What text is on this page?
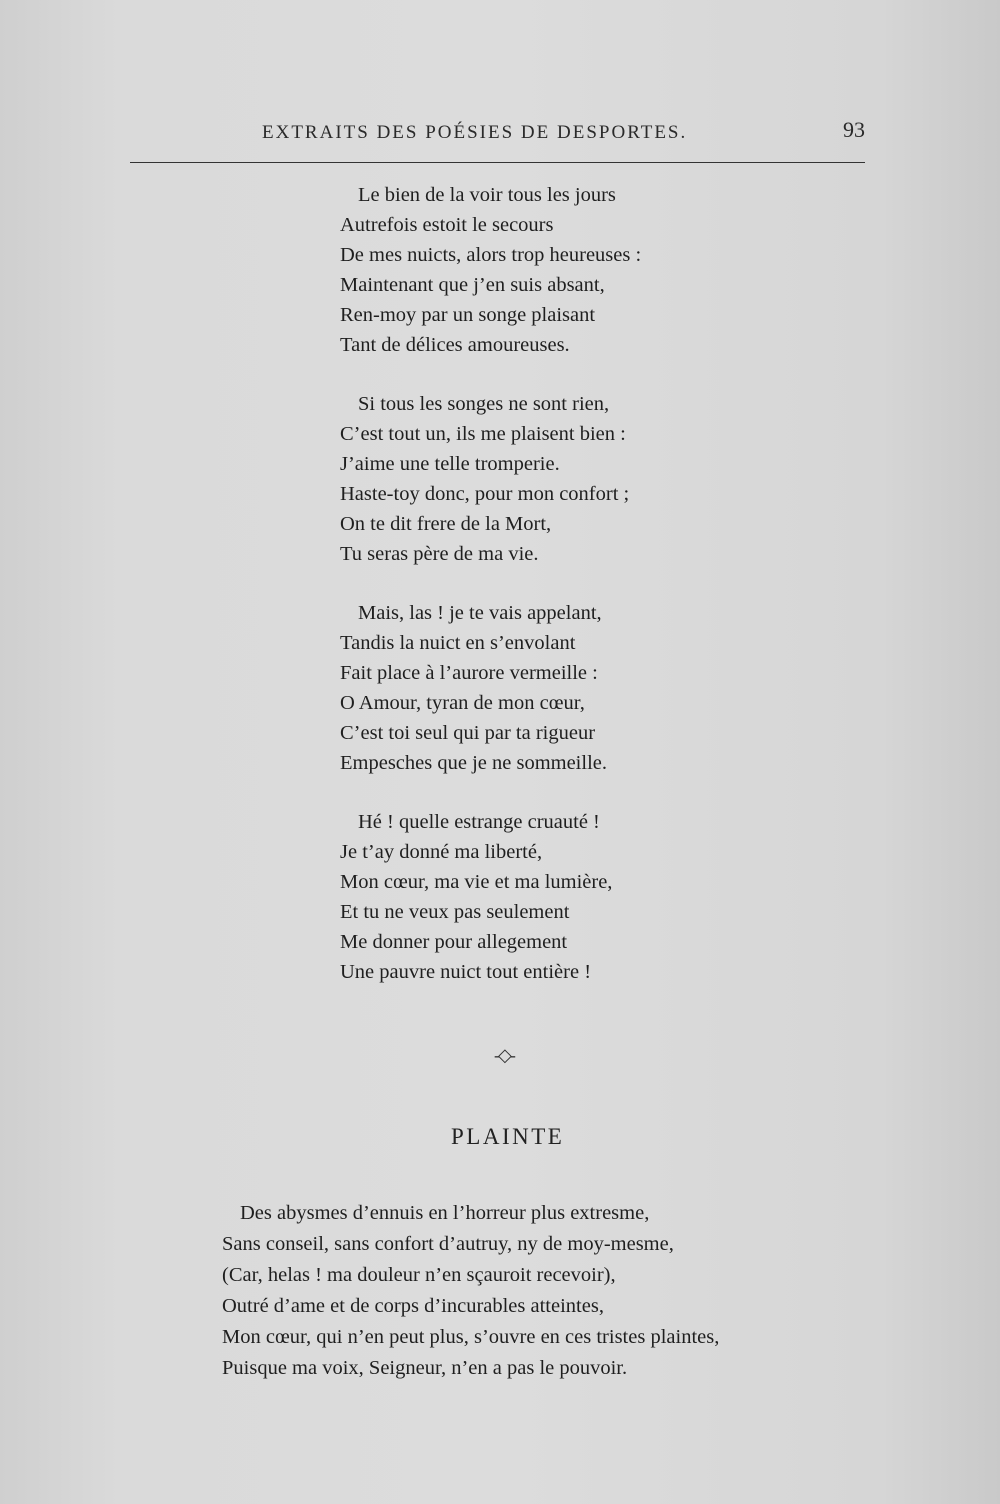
EXTRAITS DES POÉSIES DE DESPORTES.	93
Le bien de la voir tous les jours
Autrefois estoit le secours
De mes nuicts, alors trop heureuses :
Maintenant que j’en suis absant,
Ren-moy par un songe plaisant
Tant de délices amoureuses.
Si tous les songes ne sont rien,
C’est tout un, ils me plaisent bien :
J’aime une telle tromperie.
Haste-toy donc, pour mon confort ;
On te dit frere de la Mort,
Tu seras père de ma vie.
Mais, las ! je te vais appelant,
Tandis la nuict en s’envolant
Fait place à l’aurore vermeille :
O Amour, tyran de mon cœur,
C’est toi seul qui par ta rigueur
Empesches que je ne sommeille.
Hé ! quelle estrange cruauté !
Je t’ay donné ma liberté,
Mon cœur, ma vie et ma lumière,
Et tu ne veux pas seulement
Me donner pour allegement
Une pauvre nuict tout entière !
-◇-
PLAINTE
Des abysmes d’ennuis en l’horreur plus extresme,
Sans conseil, sans confort d’autruy, ny de moy-mesme,
(Car, helas ! ma douleur n’en sçauroit recevoir),
Outré d’ame et de corps d’incurables atteintes,
Mon cœur, qui n’en peut plus, s’ouvre en ces tristes plaintes,
Puisque ma voix, Seigneur, n’en a pas le pouvoir.
